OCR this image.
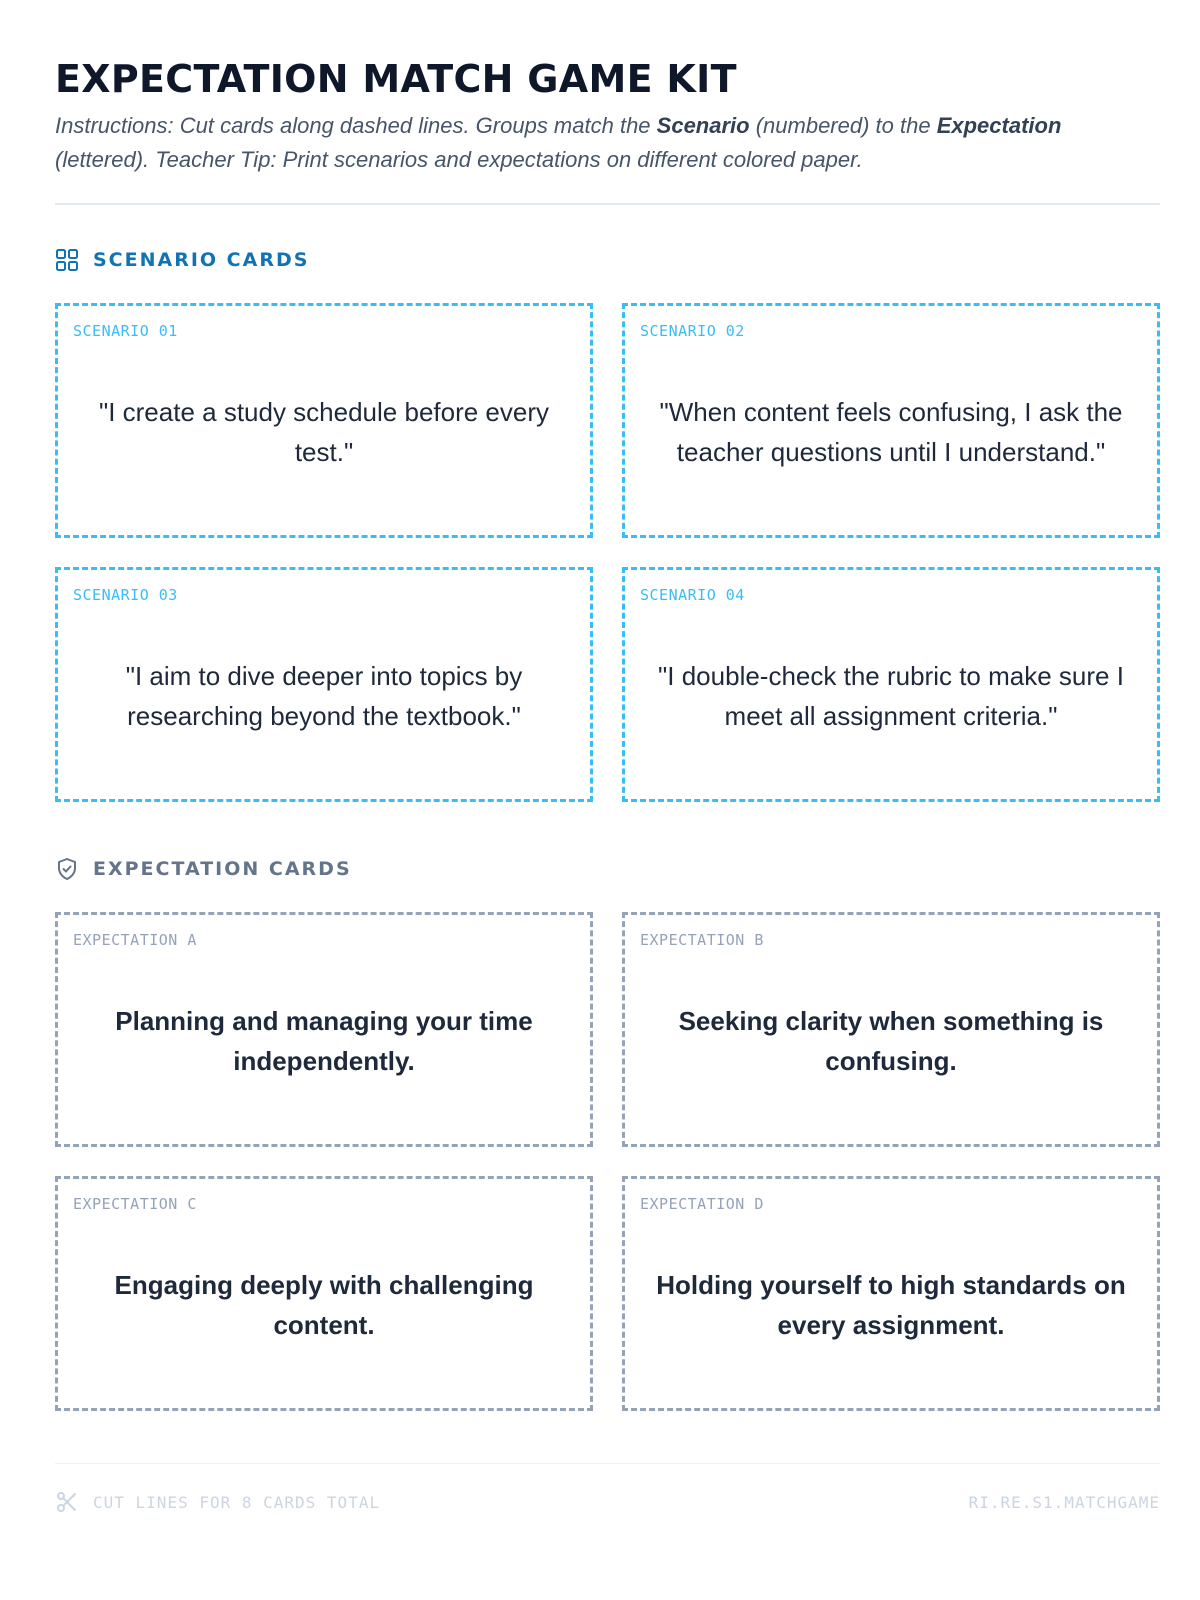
EXPECTATION MATCH GAME KIT
Instructions: Cut cards along dashed lines. Groups match the Scenario (numbered) to the Expectation (lettered). Teacher Tip: Print scenarios and expectations on different colored paper.
SCENARIO CARDS
SCENARIO 01
"I create a study schedule before every test."
SCENARIO 02
"When content feels confusing, I ask the teacher questions until I understand."
SCENARIO 03
"I aim to dive deeper into topics by researching beyond the textbook."
SCENARIO 04
"I double-check the rubric to make sure I meet all assignment criteria."
EXPECTATION CARDS
EXPECTATION A
Planning and managing your time independently.
EXPECTATION B
Seeking clarity when something is confusing.
EXPECTATION C
Engaging deeply with challenging content.
EXPECTATION D
Holding yourself to high standards on every assignment.
CUT LINES FOR 8 CARDS TOTAL	RI.RE.S1.MATCHGAME
